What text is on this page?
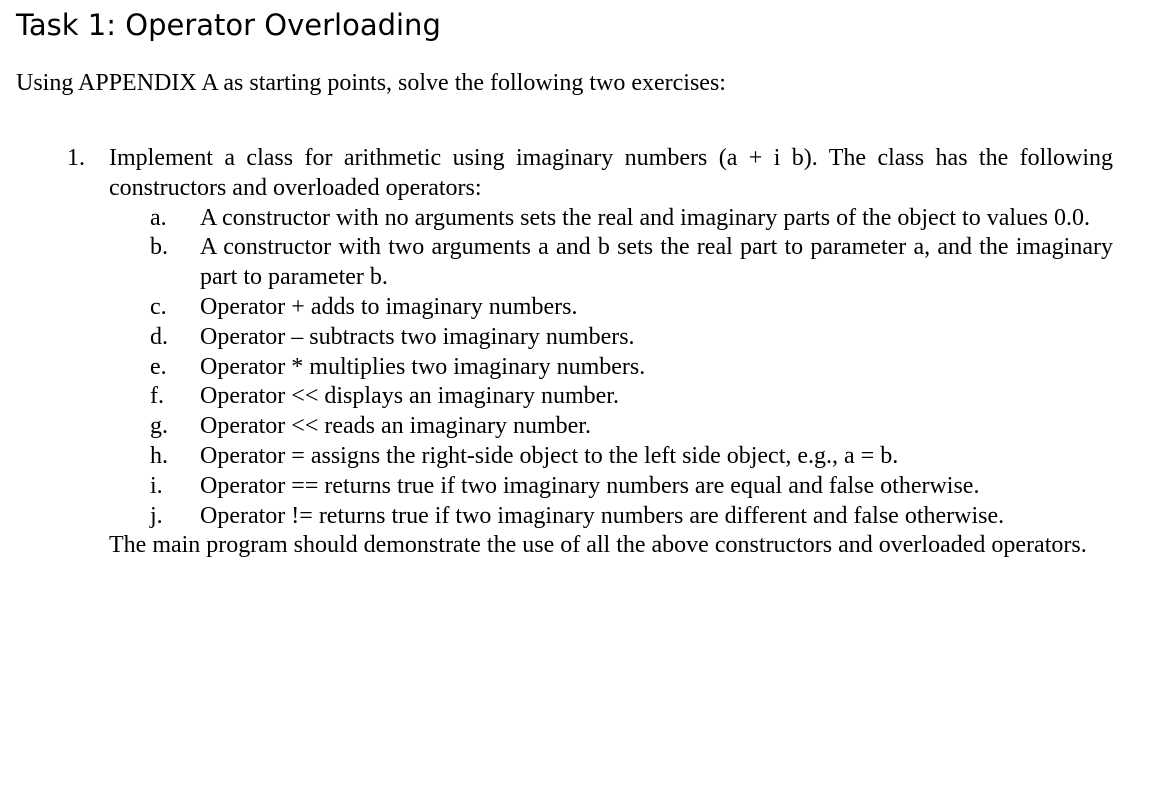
Task 1: Operator Overloading

Using APPENDIX A as starting points, solve the following two exercises:

1. Implement a class for arithmetic using imaginary numbers (a + i b). The class has the following constructors and overloaded operators:
a. A constructor with no arguments sets the real and imaginary parts of the object to values 0.0.
b. A constructor with two arguments a and b sets the real part to parameter a, and the imaginary part to parameter b.
c. Operator + adds to imaginary numbers.
d. Operator – subtracts two imaginary numbers.
e. Operator * multiplies two imaginary numbers.
f. Operator << displays an imaginary number.
g. Operator << reads an imaginary number.
h. Operator = assigns the right-side object to the left side object, e.g., a = b.
i. Operator == returns true if two imaginary numbers are equal and false otherwise.
j. Operator != returns true if two imaginary numbers are different and false otherwise.
The main program should demonstrate the use of all the above constructors and overloaded operators.
